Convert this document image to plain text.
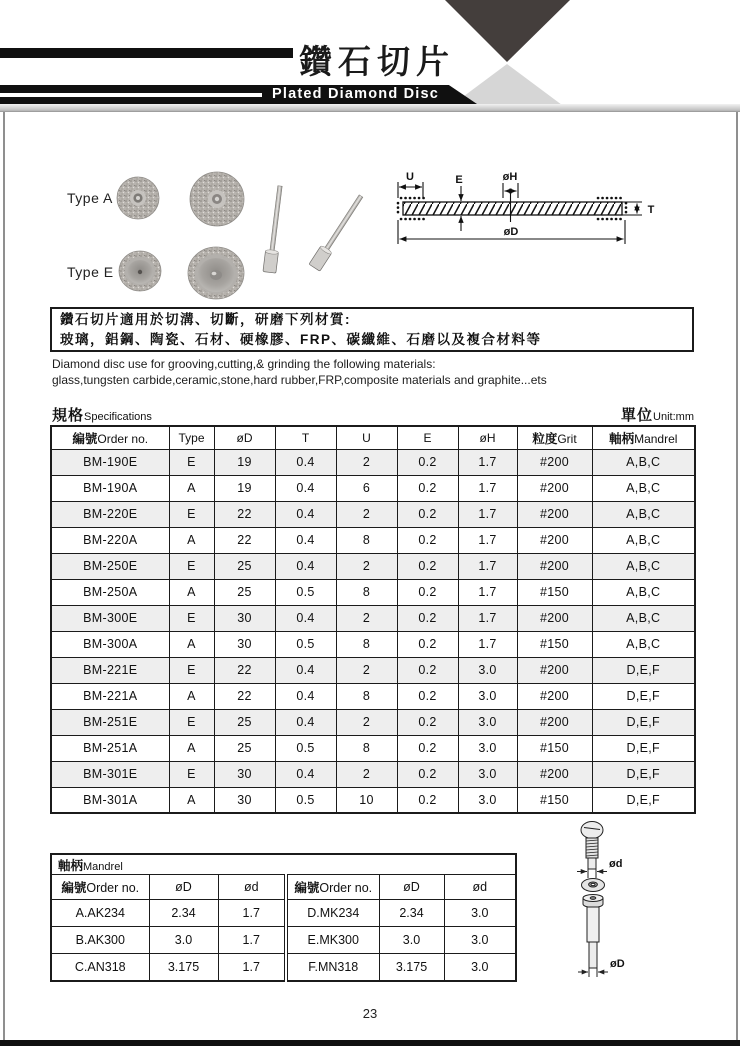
鑽石切片
Plated Diamond Disc
Type A
Type E
U	E	øH
T
øD
鑽石切片適用於切溝、切斷，研磨下列材質:
玻璃，鋁鋼、陶瓷、石材、硬橡膠、FRP、碳纖維、石磨以及複合材料等
Diamond disc use for grooving,cutting,& grinding the following materials:
glass,tungsten carbide,ceramic,stone,hard rubber,FRP,composite materials and graphite...ets
規格Specifications	單位Unit:mm
編號Order no.	Type	øD	T	U	E	øH	粒度Grit	軸柄Mandrel
BM-190E	E	19	0.4	2	0.2	1.7	#200	A,B,C
BM-190A	A	19	0.4	6	0.2	1.7	#200	A,B,C
BM-220E	E	22	0.4	2	0.2	1.7	#200	A,B,C
BM-220A	A	22	0.4	8	0.2	1.7	#200	A,B,C
BM-250E	E	25	0.4	2	0.2	1.7	#200	A,B,C
BM-250A	A	25	0.5	8	0.2	1.7	#150	A,B,C
BM-300E	E	30	0.4	2	0.2	1.7	#200	A,B,C
BM-300A	A	30	0.5	8	0.2	1.7	#150	A,B,C
BM-221E	E	22	0.4	2	0.2	3.0	#200	D,E,F
BM-221A	A	22	0.4	8	0.2	3.0	#200	D,E,F
BM-251E	E	25	0.4	2	0.2	3.0	#200	D,E,F
BM-251A	A	25	0.5	8	0.2	3.0	#150	D,E,F
BM-301E	E	30	0.4	2	0.2	3.0	#200	D,E,F
BM-301A	A	30	0.5	10	0.2	3.0	#150	D,E,F
軸柄Mandrel					
編號Order no.	øD	ød	編號Order no.	øD	ød
A.AK234	2.34	1.7	D.MK234	2.34	3.0
B.AK300	3.0	1.7	E.MK300	3.0	3.0
C.AN318	3.175	1.7	F.MN318	3.175	3.0
ød
øD
23
